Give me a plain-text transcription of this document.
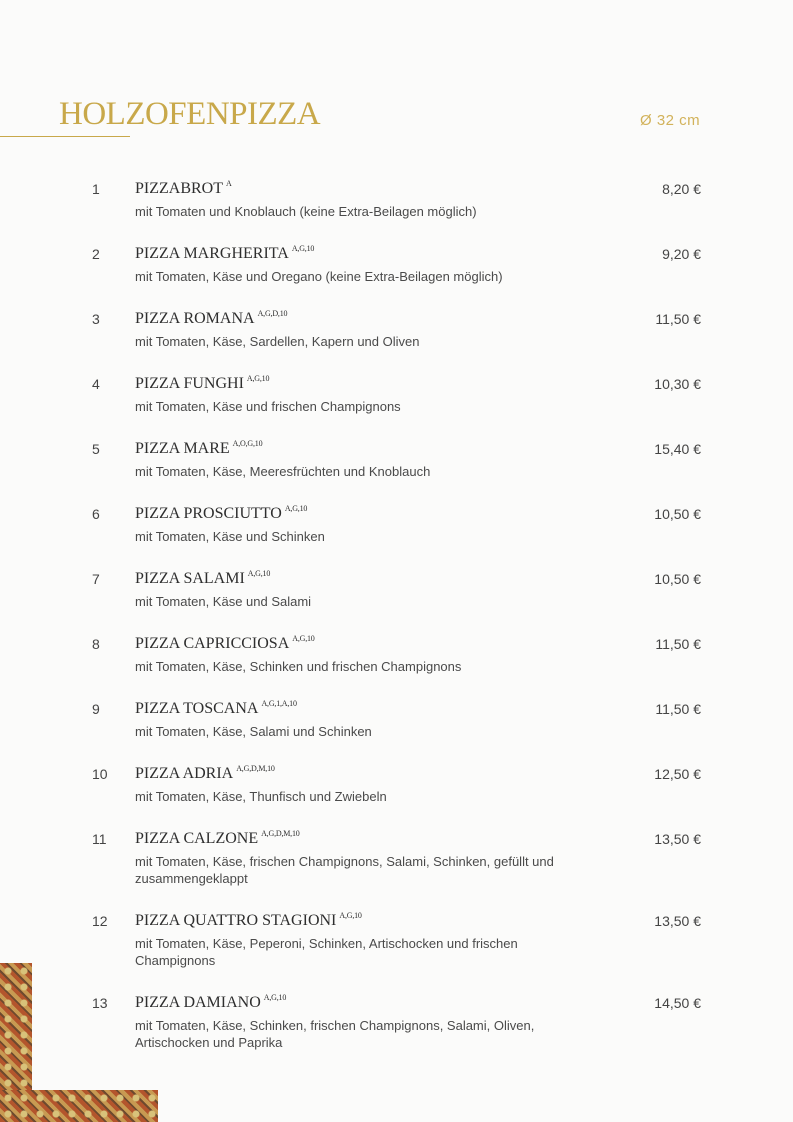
HOLZOFENPIZZA	Ø 32 cm
1 PIZZABROT $^A$
mit Tomaten und Knoblauch (keine Extra-Beilagen möglich)
8,20 €
2 PIZZA MARGHERITA $^{A,G,10}$
mit Tomaten, Käse und Oregano (keine Extra-Beilagen möglich)
9,20 €
3 PIZZA ROMANA $^{A,G,D,10}$
mit Tomaten, Käse, Sardellen, Kapern und Oliven
11,50 €
4 PIZZA FUNGHI $^{A,G,10}$
mit Tomaten, Käse und frischen Champignons
10,30 €
5 PIZZA MARE $^{A,O,G,10}$
mit Tomaten, Käse, Meeresfrüchten und Knoblauch
15,40 €
6 PIZZA PROSCIUTTO $^{A,G,10}$
mit Tomaten, Käse und Schinken
10,50 €
7 PIZZA SALAMI $^{A,G,10}$
mit Tomaten, Käse und Salami
10,50 €
8 PIZZA CAPRICCIOSA $^{A,G,10}$
mit Tomaten, Käse, Schinken und frischen Champignons
11,50 €
9 PIZZA TOSCANA $^{A,G,1,A,10}$
mit Tomaten, Käse, Salami und Schinken
11,50 €
10 PIZZA ADRIA $^{A,G,D,M,10}$
mit Tomaten, Käse, Thunfisch und Zwiebeln
12,50 €
11 PIZZA CALZONE $^{A,G,D,M,10}$
mit Tomaten, Käse, frischen Champignons, Salami, Schinken, gefüllt und zusammengeklappt
13,50 €
12 PIZZA QUATTRO STAGIONI $^{A,G,10}$
mit Tomaten, Käse, Peperoni, Schinken, Artischocken und frischen Champignons
13,50 €
13 PIZZA DAMIANO $^{A,G,10}$
mit Tomaten, Käse, Schinken, frischen Champignons, Salami, Oliven, Artischocken und Paprika
14,50 €
